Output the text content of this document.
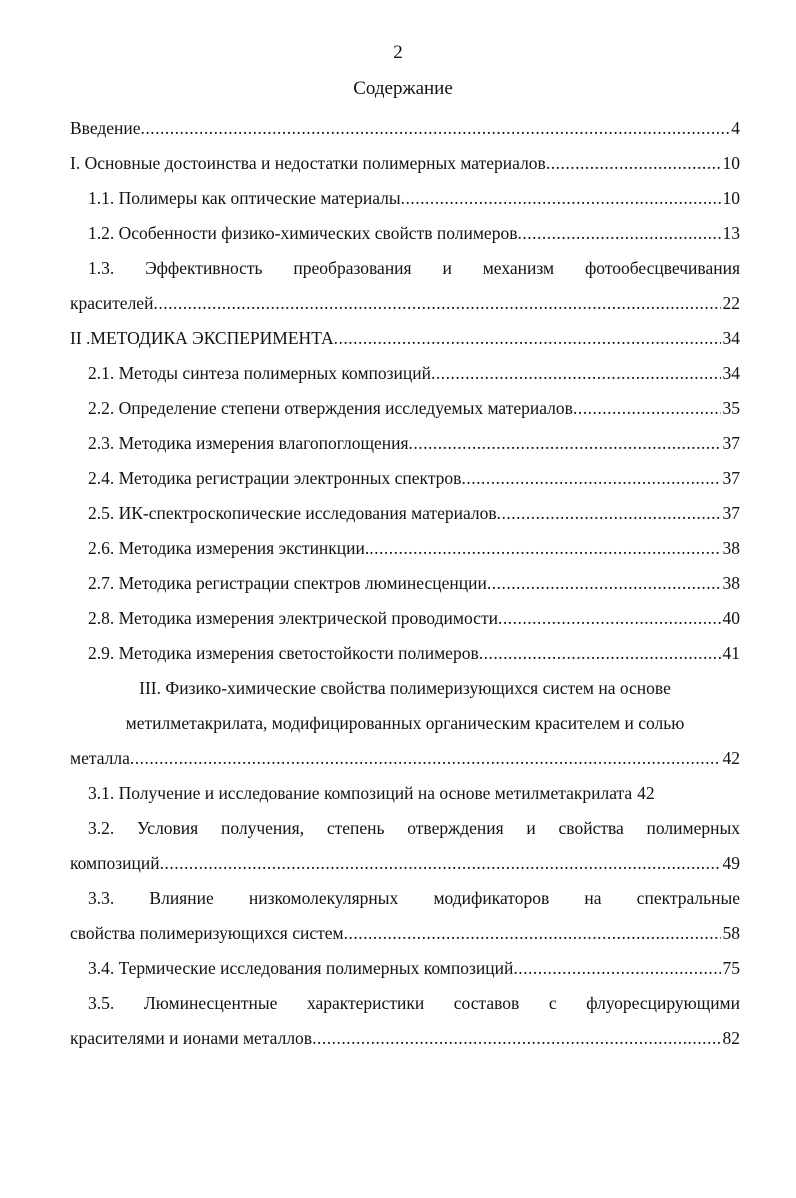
2
Содержание
Введение .....	4
I. Основные достоинства и недостатки полимерных материалов .....	10
1.1. Полимеры как оптические материалы .....	10
1.2. Особенности физико-химических свойств полимеров .....	13
1.3. Эффективность преобразования и механизм фотообесцвечивания
красителей .....	22
II .МЕТОДИКА ЭКСПЕРИМЕНТА .....	34
2.1. Методы синтеза полимерных композиций .....	34
2.2. Определение степени отверждения исследуемых материалов .....	35
2.3. Методика измерения влагопоглощения .....	37
2.4. Методика регистрации электронных спектров .....	37
2.5. ИК-спектроскопические исследования материалов .....	37
2.6. Методика измерения экстинкции. .....	38
2.7. Методика регистрации спектров люминесценции .....	38
2.8. Методика измерения электрической проводимости .....	40
2.9. Методика измерения светостойкости полимеров .....	41
III. Физико-химические свойства полимеризующихся систем на основе
метилметакрилата, модифицированных органическим красителем и солью
металла .....	42
3.1. Получение и исследование композиций на основе метилметакрилата 42
3.2. Условия получения, степень отверждения и свойства полимерных
композиций .....	49
3.3. Влияние низкомолекулярных модификаторов на спектральные
свойства полимеризующихся систем .....	58
3.4. Термические исследования полимерных композиций .....	75
3.5. Люминесцентные характеристики составов с флуоресцирующими
красителями и ионами металлов .....	82
